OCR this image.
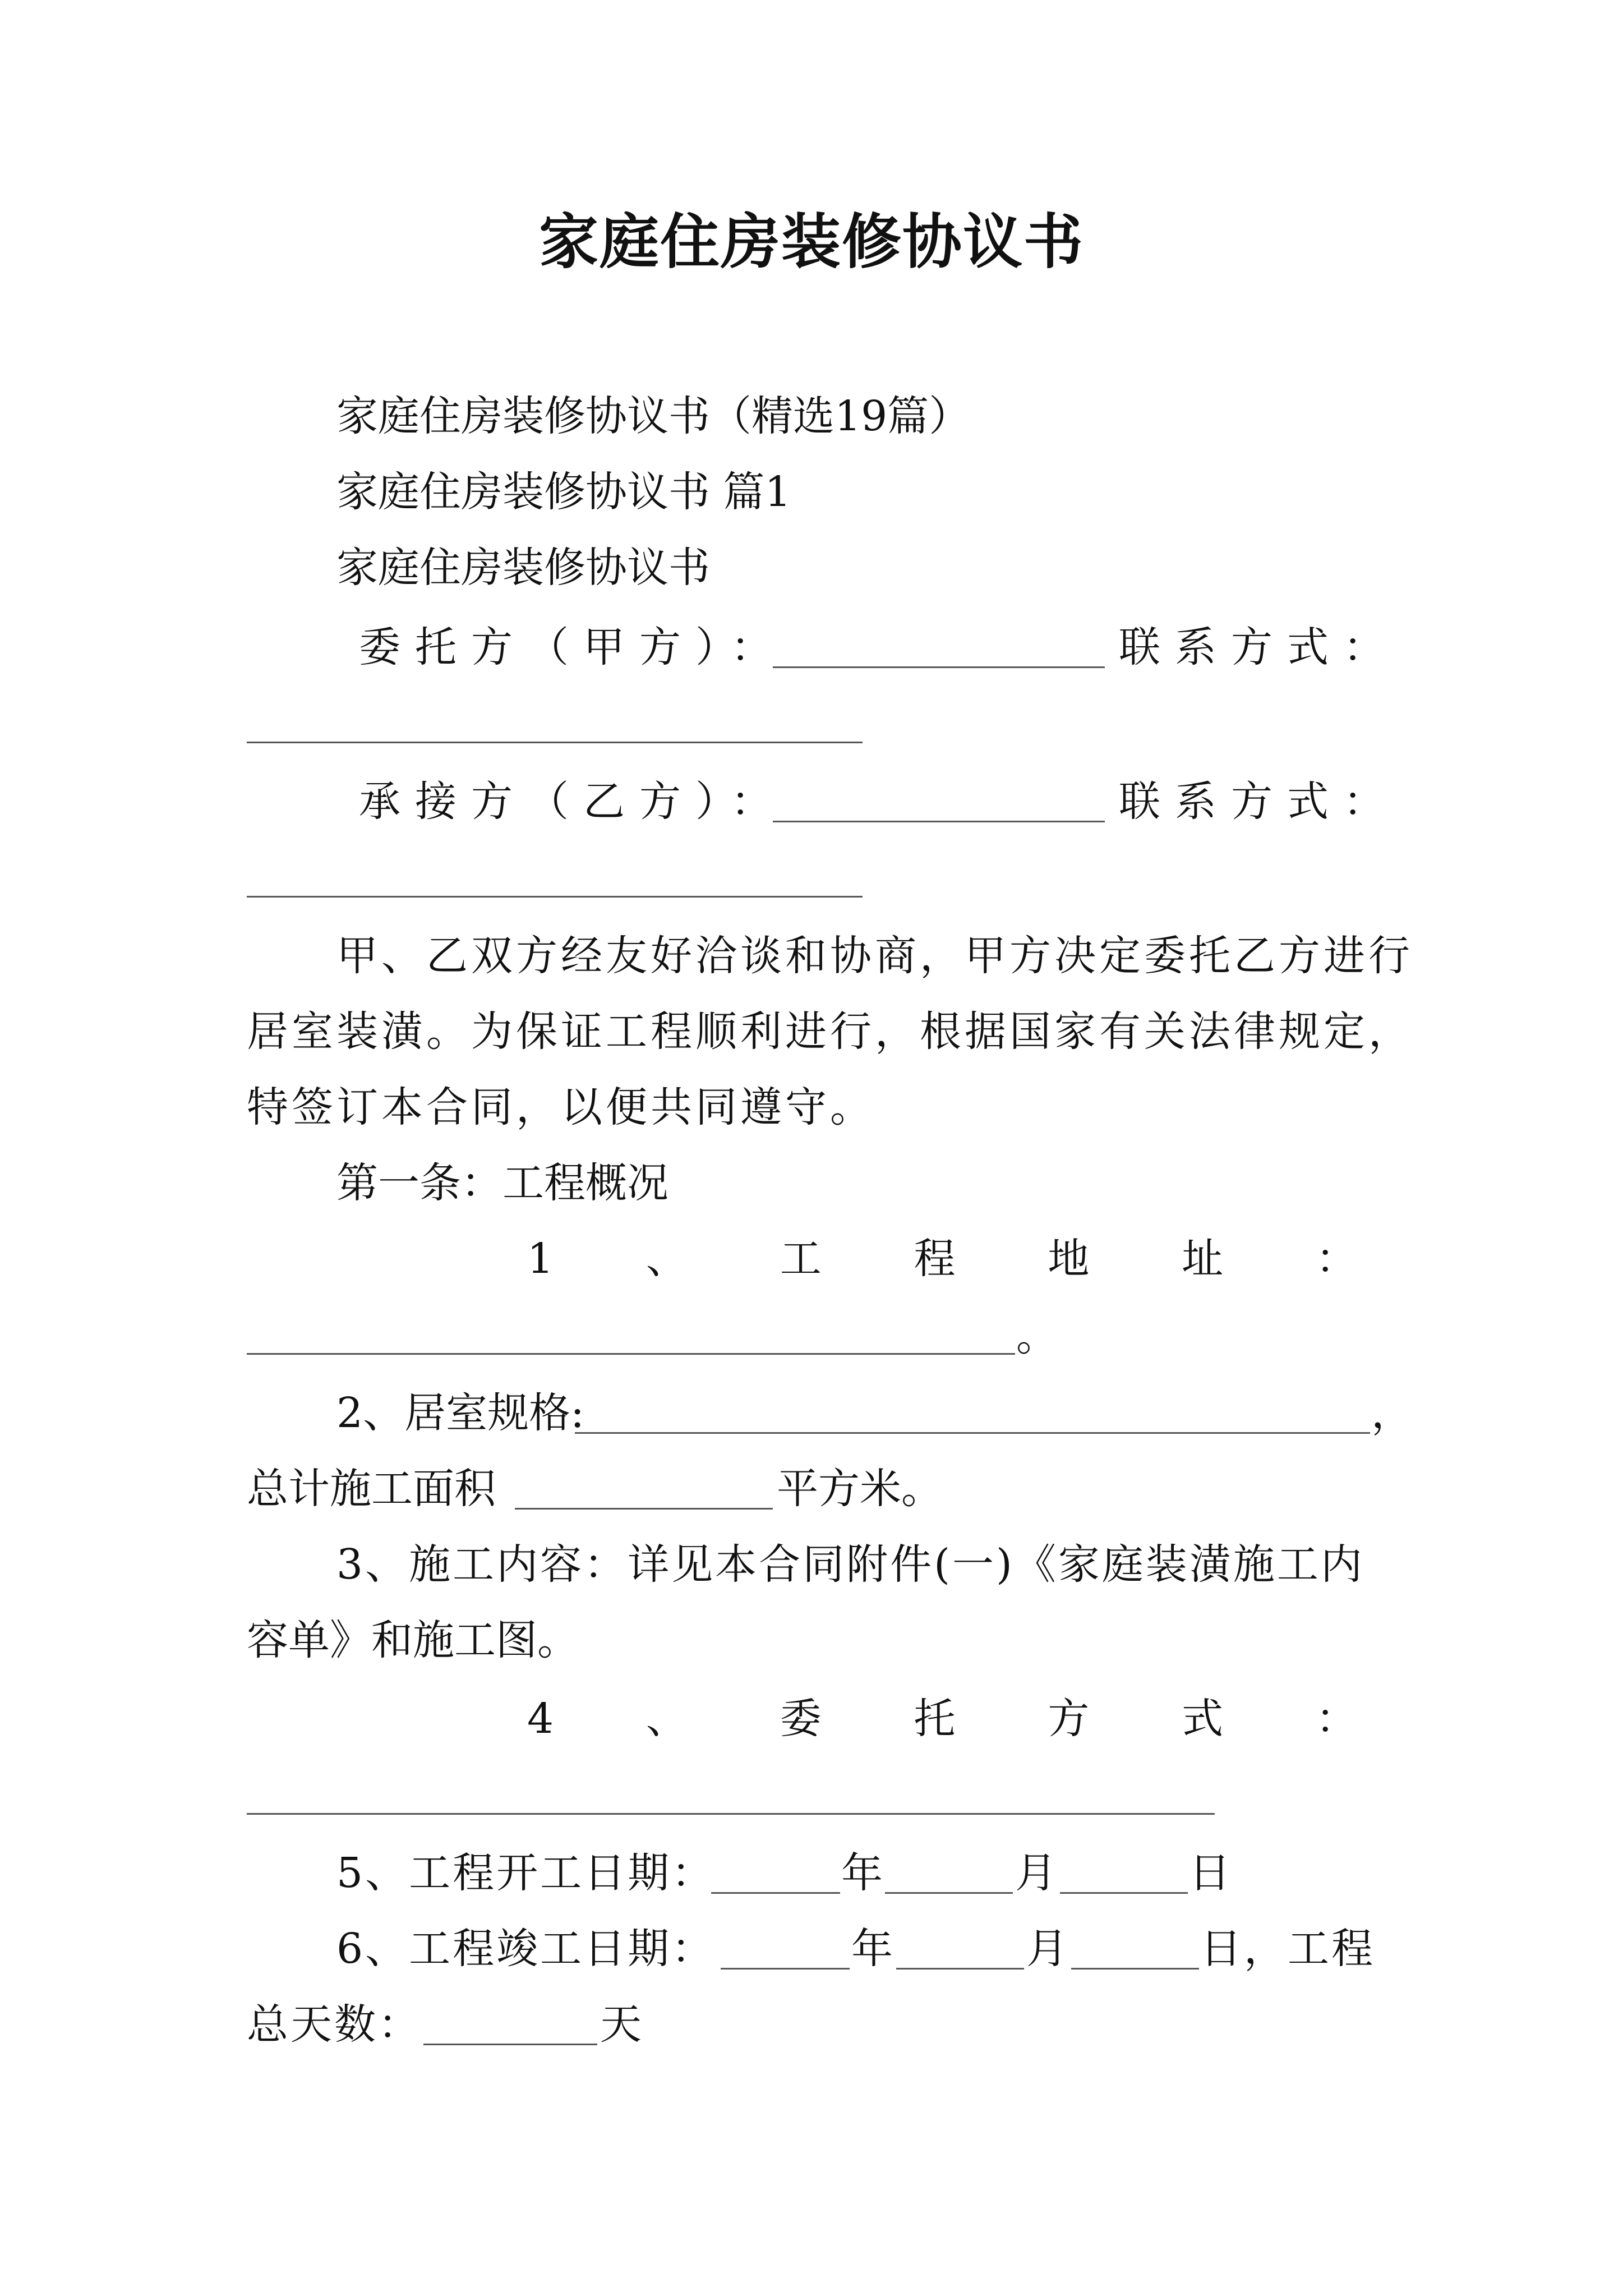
家庭住房装修协议书
家庭住房装修协议书（精选19篇）
家庭住房装修协议书 篇1
家庭住房装修协议书
委托方（甲方）：	联系方式：
承接方（乙方）：	联系方式：
甲、乙双方经友好洽谈和协商，甲方决定委托乙方进行
居室装潢。为保证工程顺利进行，根据国家有关法律规定，
特签订本合同，以便共同遵守。
第一条：工程概况
1 、 工 程 地 址 ：
。
2、居室规格:	，
总计施工面积	平方米。
3、施工内容：详见本合同附件(一)《家庭装潢施工内
容单》和施工图。
4 、 委 托 方 式 ：
5、工程开工日期：	年	月	日
6、工程竣工日期：	年	月	日 ，工程
总天数：	天
